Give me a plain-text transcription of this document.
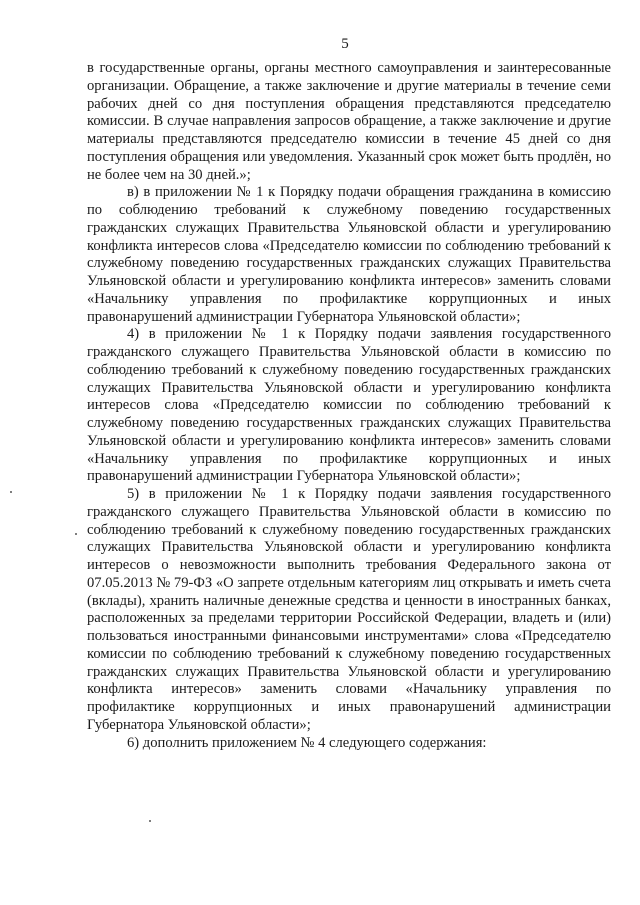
5

в государственные органы, органы местного самоуправления и заинтересованные организации. Обращение, а также заключение и другие материалы в течение семи рабочих дней со дня поступления обращения представляются председателю комиссии. В случае направления запросов обращение, а также заключение и другие материалы представляются председателю комиссии в течение 45 дней со дня поступления обращения или уведомления. Указанный срок может быть продлён, но не более чем на 30 дней.»;

в) в приложении № 1 к Порядку подачи обращения гражданина в комиссию по соблюдению требований к служебному поведению государственных гражданских служащих Правительства Ульяновской области и урегулированию конфликта интересов слова «Председателю комиссии по соблюдению требований к служебному поведению государственных гражданских служащих Правительства Ульяновской области и урегулированию конфликта интересов» заменить словами «Начальнику управления по профилактике коррупционных и иных правонарушений администрации Губернатора Ульяновской области»;

4) в приложении № 1 к Порядку подачи заявления государственного гражданского служащего Правительства Ульяновской области в комиссию по соблюдению требований к служебному поведению государственных гражданских служащих Правительства Ульяновской области и урегулированию конфликта интересов слова «Председателю комиссии по соблюдению требований к служебному поведению государственных гражданских служащих Правительства Ульяновской области и урегулированию конфликта интересов» заменить словами «Начальнику управления по профилактике коррупционных и иных правонарушений администрации Губернатора Ульяновской области»;

5) в приложении № 1 к Порядку подачи заявления государственного гражданского служащего Правительства Ульяновской области в комиссию по соблюдению требований к служебному поведению государственных гражданских служащих Правительства Ульяновской области и урегулированию конфликта интересов о невозможности выполнить требования Федерального закона от 07.05.2013 № 79-ФЗ «О запрете отдельным категориям лиц открывать и иметь счета (вклады), хранить наличные денежные средства и ценности в иностранных банках, расположенных за пределами территории Российской Федерации, владеть и (или) пользоваться иностранными финансовыми инструментами» слова «Председателю комиссии по соблюдению требований к служебному поведению государственных гражданских служащих Правительства Ульяновской области и урегулированию конфликта интересов» заменить словами «Начальнику управления по профилактике коррупционных и иных правонарушений администрации Губернатора Ульяновской области»;

6) дополнить приложением № 4 следующего содержания:
